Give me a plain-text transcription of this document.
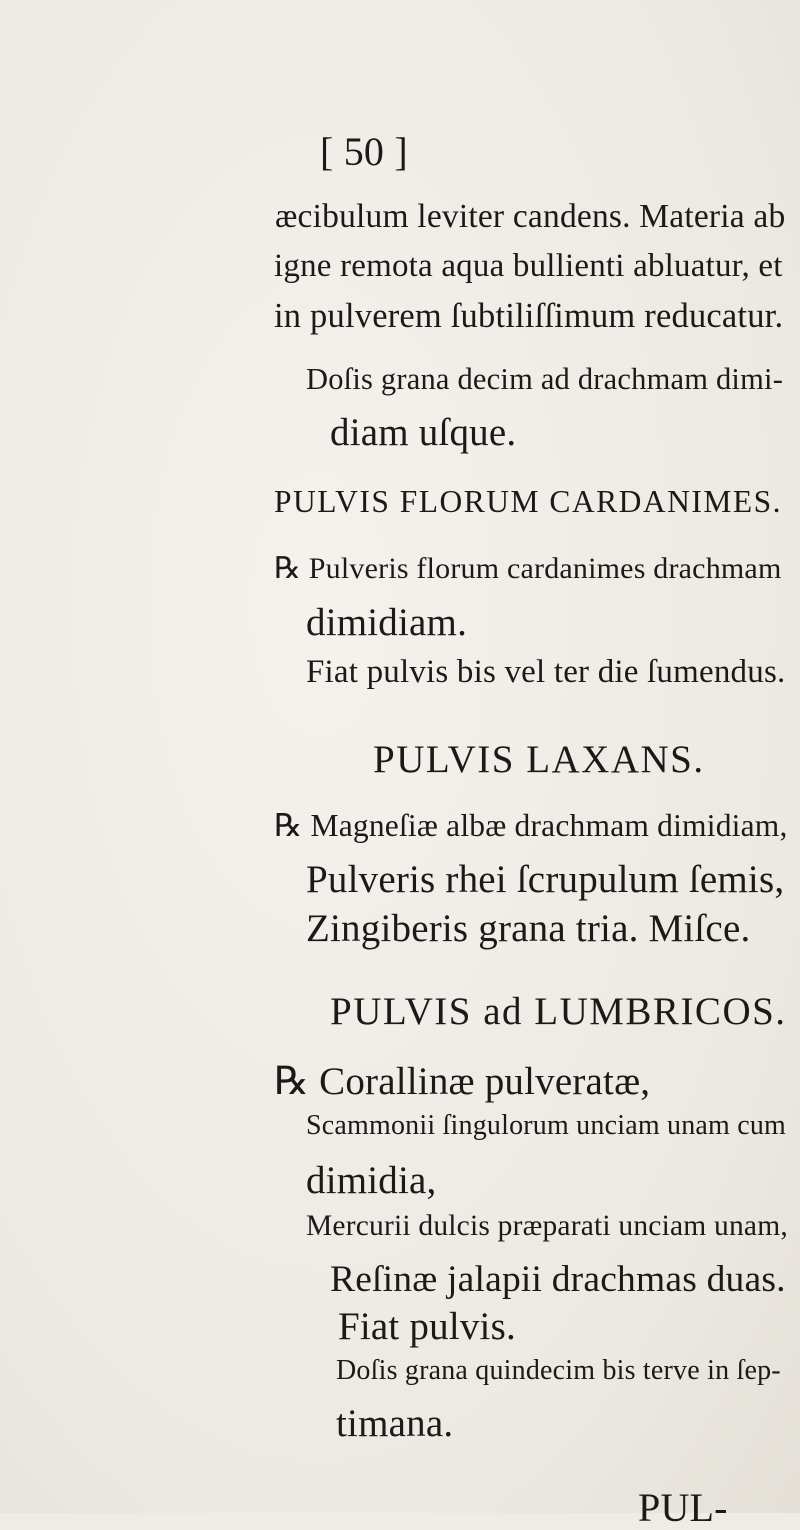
[ 50 ]
æcibulum leviter candens. Materia ab
igne remota aqua bullienti abluatur, et
in pulverem ſubtiliſſimum reducatur.
Doſis grana decim ad drachmam dimi-
diam uſque.
PULVIS FLORUM CARDANIMES.
℞ Pulveris florum cardanimes drachmam
dimidiam.
Fiat pulvis bis vel ter die ſumendus.
PULVIS LAXANS.
℞ Magneſiæ albæ drachmam dimidiam,
Pulveris rhei ſcrupulum ſemis,
Zingiberis grana tria. Miſce.
PULVIS ad LUMBRICOS.
℞ Corallinæ pulveratæ,
Scammonii ſingulorum unciam unam cum
dimidia,
Mercurii dulcis præparati unciam unam,
Reſinæ jalapii drachmas duas.
Fiat pulvis.
Doſis grana quindecim bis terve in ſep-
timana.
PUL-
